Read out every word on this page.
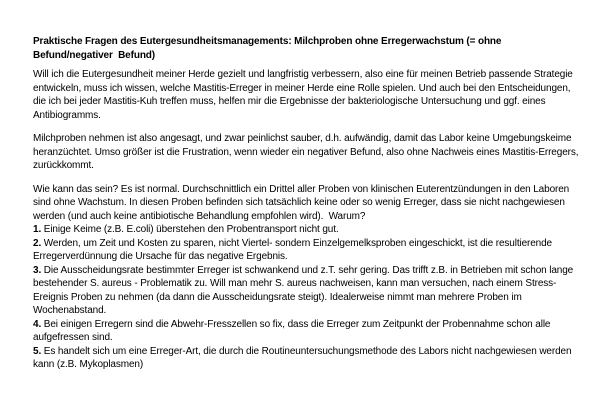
Praktische Fragen des Eutergesundheitsmanagements: Milchproben ohne Erregerwachstum (= ohne Befund/negativer  Befund)

Will ich die Eutergesundheit meiner Herde gezielt und langfristig verbessern, also eine für meinen Betrieb passende Strategie entwickeln, muss ich wissen, welche Mastitis-Erreger in meiner Herde eine Rolle spielen. Und auch bei den Entscheidungen, die ich bei jeder Mastitis-Kuh treffen muss, helfen mir die Ergebnisse der bakteriologische Untersuchung und ggf. eines Antibiogramms.

Milchproben nehmen ist also angesagt, und zwar peinlichst sauber, d.h. aufwändig, damit das Labor keine Umgebungskeime heranzüchtet. Umso größer ist die Frustration, wenn wieder ein negativer Befund, also ohne Nachweis eines Mastitis-Erregers, zurückkommt.

Wie kann das sein? Es ist normal. Durchschnittlich ein Drittel aller Proben von klinischen Euterentzündungen in den Laboren sind ohne Wachstum. In diesen Proben befinden sich tatsächlich keine oder so wenig Erreger, dass sie nicht nachgewiesen werden (und auch keine antibiotische Behandlung empfohlen wird).  Warum?

1. Einige Keime (z.B. E.coli) überstehen den Probentransport nicht gut.

2. Werden, um Zeit und Kosten zu sparen, nicht Viertel- sondern Einzelgemelksproben eingeschickt, ist die resultierende Erregerverdünnung die Ursache für das negative Ergebnis.

3. Die Ausscheidungsrate bestimmter Erreger ist schwankend und z.T. sehr gering. Das trifft z.B. in Betrieben mit schon lange bestehender S. aureus - Problematik zu. Will man mehr S. aureus nachweisen, kann man versuchen, nach einem Stress- Ereignis Proben zu nehmen (da dann die Ausscheidungsrate steigt). Idealerweise nimmt man mehrere Proben im Wochenabstand.

4. Bei einigen Erregern sind die Abwehr-Fresszellen so fix, dass die Erreger zum Zeitpunkt der Probennahme schon alle aufgefressen sind.

5. Es handelt sich um eine Erreger-Art, die durch die Routineuntersuchungsmethode des Labors nicht nachgewiesen werden kann (z.B. Mykoplasmen)
